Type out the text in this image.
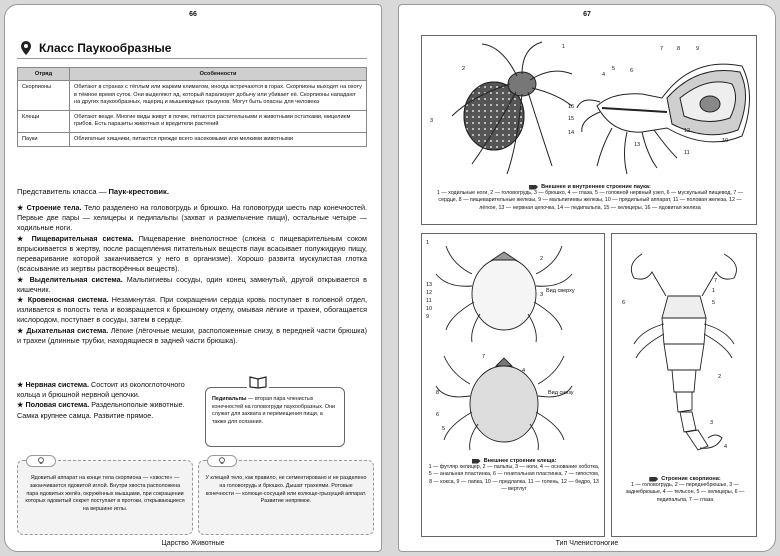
66
Класс Паукообразные
Отряд	Особенности
Скорпионы	Обитают в странах с тёплым или жарким климатом, иногда встречаются в горах. Скорпионы выходят на охоту в тёмное время суток. Они выделяют яд, который парализует добычу или убивает её. Скорпионы нападают на других паукообразных, ящериц и мышевидных грызунов. Могут быть опасны для человека
Клещи	Обитают везде. Многие виды живут в почве, питаются растительными и животными остатками, мицелием грибов. Есть паразиты животных и вредители растений
Пауки	Облигатные хищники, питаются прежде всего насекомыми или мелкими животными
Представитель класса — Паук-крестовик.

★ Строение тела. Тело разделено на головогрудь и брюшко. На головогруди шесть пар конечностей. Первые две пары — хелицеры и педипальпы (захват и размельчение пищи), остальные четыре — ходильные ноги.

★ Пищеварительная система. Пищеварение внеполостное (слюна с пищеварительным соком впрыскивается в жертву, после расщепления питательных веществ паук всасывает полужидкую пищу, переваривание которой заканчивается у него в организме). Хорошо развита мускулистая глотка (всасывание из жертвы растворённых веществ).

★ Выделительная система. Мальпигиевы сосуды, один конец замкнутый, другой открывается в кишечник.

★ Кровеносная система. Незамкнутая. При сокращении сердца кровь поступает в головной отдел, изливается в полость тела и возвращается к брюшному отделу, омывая лёгкие и трахеи, обогащается кислородом, поступает в сосуды, затем в сердце.

★ Дыхательная система. Лёгкие (лёгочные мешки, расположенные снизу, в передней части брюшка) и трахеи (длинные трубки, находящиеся в задней части брюшка).

★ Нервная система. Состоит из окологлоточного кольца и брюшной нервной цепочки.

★ Половая система. Раздельнополые животные. Самка крупнее самца. Развитие прямое.

Педипальпы — вторая пара членистых конечностей на головогруди паукообразных. Они служат для захвата и перемещения пищи, а также для осязания.
Ядовитый аппарат на конце тела скорпиона — «хвосте» — заканчивается ядовитой иглой. Внутри хвоста расположена пара ядовитых желёз, окружённых мышцами, при сокращении которых ядовитый секрет поступает в протоки, открывающиеся на вершине иглы.
У клещей тело, как правило, не сегментировано и не разделено на головогрудь и брюшко. Дышат трахеями. Ротовые конечности — колюще-сосущий или колюще-грызущий аппарат. Развитие непрямое.
Царство Животные
67
1
2
3
4
5	6
7	8	9
10
11
12
13
14
15
16
Внешнее и внутреннее строение паука:
1 — ходильные ноги, 2 — головогрудь, 3 — брюшко, 4 — глаза, 5 — головной нервный узел, 6 — мускульный пищевод, 7 — сердце, 8 — пищеварительные железы, 9 — мальпигиевы железы, 10 — прядильный аппарат, 11 — половая железа, 12 — лёгкое, 13 — нервная цепочка, 14 — педипальпа, 15 — хелицеры, 16 — ядовитая железа
1
2
3
4
5
6
7
8
9
10
11
12
13
Вид сверху
Вид снизу
Внешнее строение клеща:
1 — футляр хелицер, 2 — пальпы, 3 — ноги, 4 — основание хоботка, 5 — анальная пластинка, 6 — генитальная пластинка, 7 — гипостом, 8 — кокса, 9 — лапка, 10 — предлапка, 11 — голень, 12 — бедро, 13 — вертлуг
1
2
3
4
5
6
7
Строение скорпиона:
1 — головогрудь, 2 — переднебрюшье, 3 — заднебрюшье, 4 — тельсон, 5 — хелицеры, 6 — педипальпа, 7 — глаза
Тип Членистоногие
